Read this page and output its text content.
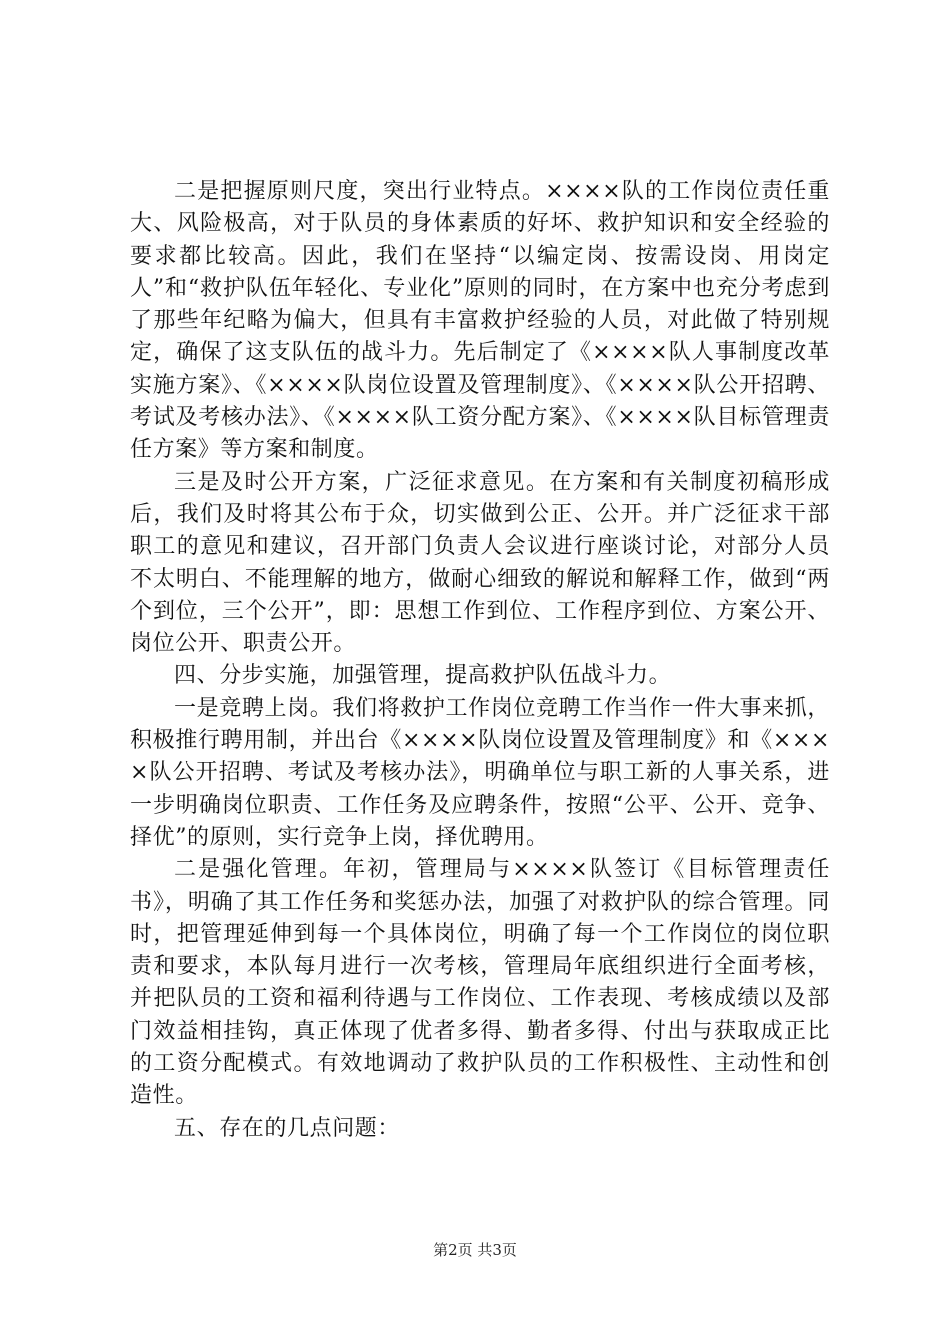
二是把握原则尺度，突出行业特点。××××队的工作岗位责任重大、风险极高，对于队员的身体素质的好坏、救护知识和安全经验的要求都比较高。因此，我们在坚持“以编定岗、按需设岗、用岗定人”和“救护队伍年轻化、专业化”原则的同时，在方案中也充分考虑到了那些年纪略为偏大，但具有丰富救护经验的人员，对此做了特别规定，确保了这支队伍的战斗力。先后制定了《××××队人事制度改革实施方案》、《××××队岗位设置及管理制度》、《××××队公开招聘、考试及考核办法》、《××××队工资分配方案》、《××××队目标管理责任方案》等方案和制度。

三是及时公开方案，广泛征求意见。在方案和有关制度初稿形成后，我们及时将其公布于众，切实做到公正、公开。并广泛征求干部职工的意见和建议，召开部门负责人会议进行座谈讨论，对部分人员不太明白、不能理解的地方，做耐心细致的解说和解释工作，做到“两个到位，三个公开”，即：思想工作到位、工作程序到位、方案公开、岗位公开、职责公开。

四、分步实施，加强管理，提高救护队伍战斗力。

一是竞聘上岗。我们将救护工作岗位竞聘工作当作一件大事来抓，积极推行聘用制，并出台《××××队岗位设置及管理制度》和《××××队公开招聘、考试及考核办法》，明确单位与职工新的人事关系，进一步明确岗位职责、工作任务及应聘条件，按照“公平、公开、竞争、择优”的原则，实行竞争上岗，择优聘用。

二是强化管理。年初，管理局与××××队签订《目标管理责任书》，明确了其工作任务和奖惩办法，加强了对救护队的综合管理。同时，把管理延伸到每一个具体岗位，明确了每一个工作岗位的岗位职责和要求，本队每月进行一次考核，管理局年底组织进行全面考核，并把队员的工资和福利待遇与工作岗位、工作表现、考核成绩以及部门效益相挂钩，真正体现了优者多得、勤者多得、付出与获取成正比的工资分配模式。有效地调动了救护队员的工作积极性、主动性和创造性。

五、存在的几点问题：

第2页 共3页
